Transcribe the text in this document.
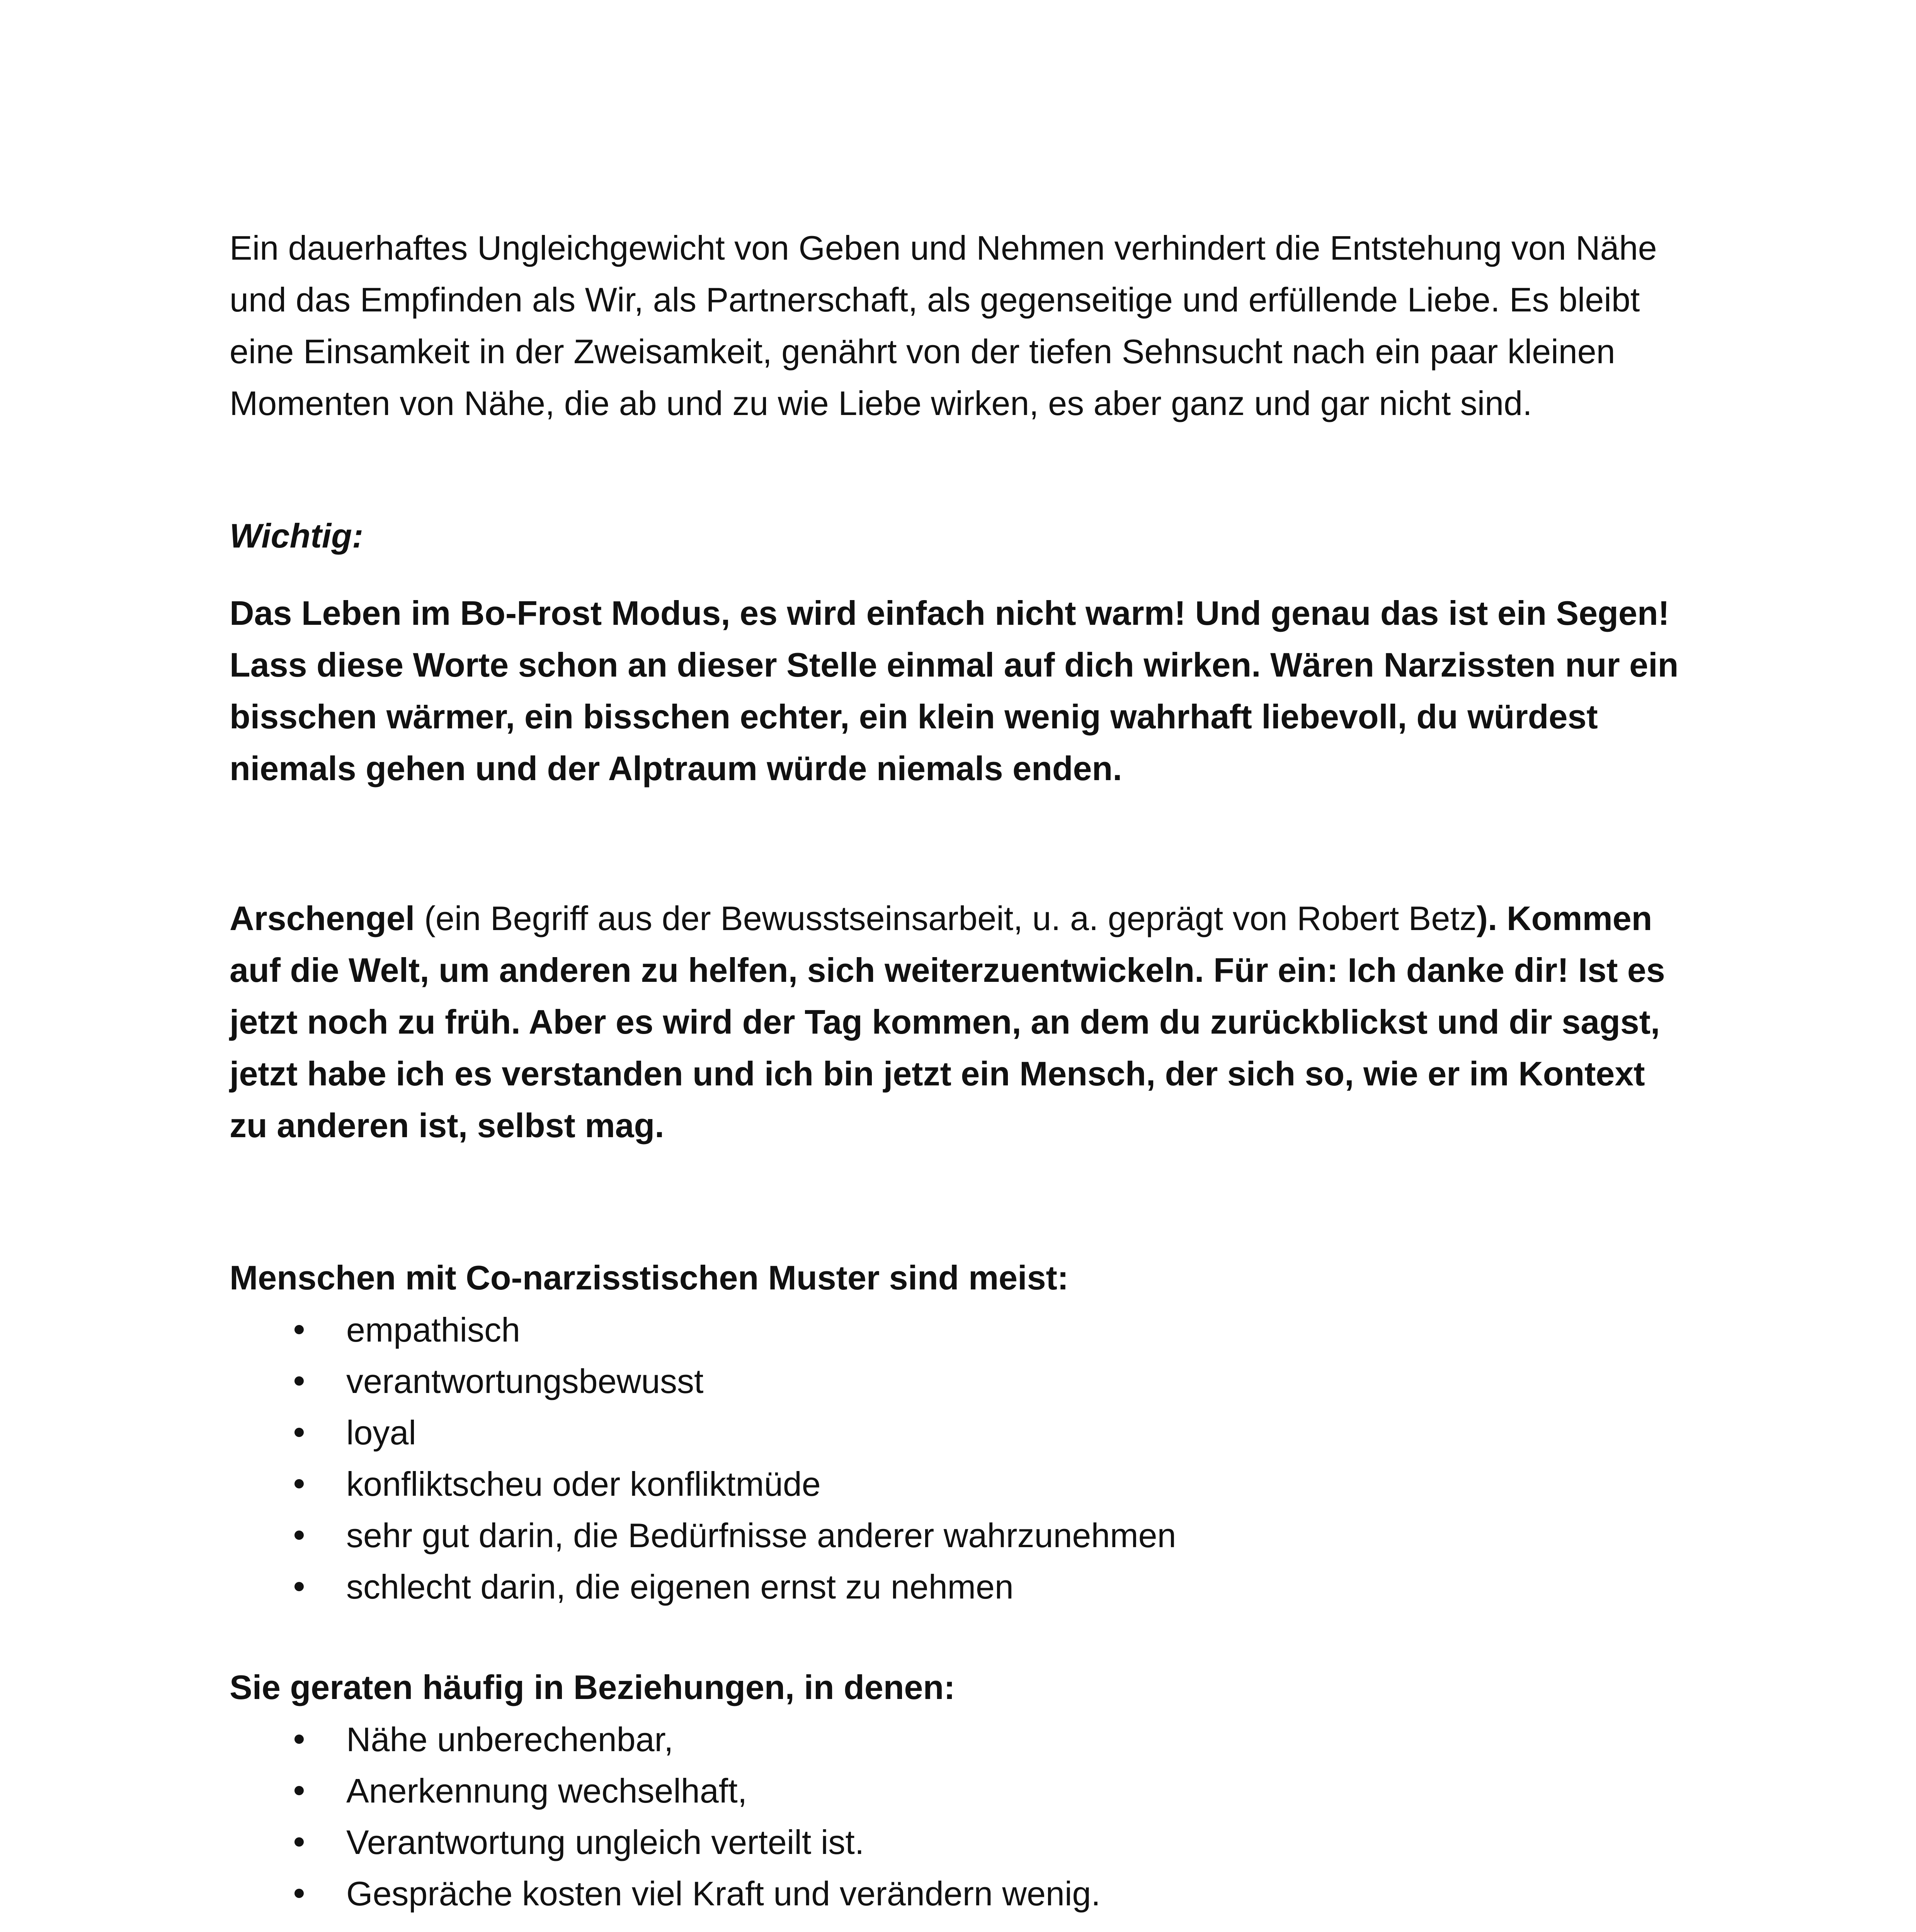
Ein dauerhaftes Ungleichgewicht von Geben und Nehmen verhindert die Entstehung von Nähe und das Empfinden als Wir, als Partnerschaft, als gegenseitige und erfüllende Liebe. Es bleibt eine Einsamkeit in der Zweisamkeit, genährt von der tiefen Sehnsucht nach ein paar kleinen Momenten von Nähe, die ab und zu wie Liebe wirken, es aber ganz und gar nicht sind.

Wichtig:

Das Leben im Bo-Frost Modus, es wird einfach nicht warm! Und genau das ist ein Segen! Lass diese Worte schon an dieser Stelle einmal auf dich wirken. Wären Narzissten nur ein bisschen wärmer, ein bisschen echter, ein klein wenig wahrhaft liebevoll, du würdest niemals gehen und der Alptraum würde niemals enden.

Arschengel (ein Begriff aus der Bewusstseinsarbeit, u. a. geprägt von Robert Betz). Kommen auf die Welt, um anderen zu helfen, sich weiterzuentwickeln. Für ein: Ich danke dir! Ist es jetzt noch zu früh. Aber es wird der Tag kommen, an dem du zurückblickst und dir sagst, jetzt habe ich es verstanden und ich bin jetzt ein Mensch, der sich so, wie er im Kontext zu anderen ist, selbst mag.

Menschen mit Co-narzisstischen Muster sind meist:

empathisch
verantwortungsbewusst
loyal
konfliktscheu oder konfliktmüde
sehr gut darin, die Bedürfnisse anderer wahrzunehmen
schlecht darin, die eigenen ernst zu nehmen

Sie geraten häufig in Beziehungen, in denen:

Nähe unberechenbar,
Anerkennung wechselhaft,
Verantwortung ungleich verteilt ist.
Gespräche kosten viel Kraft und verändern wenig.
